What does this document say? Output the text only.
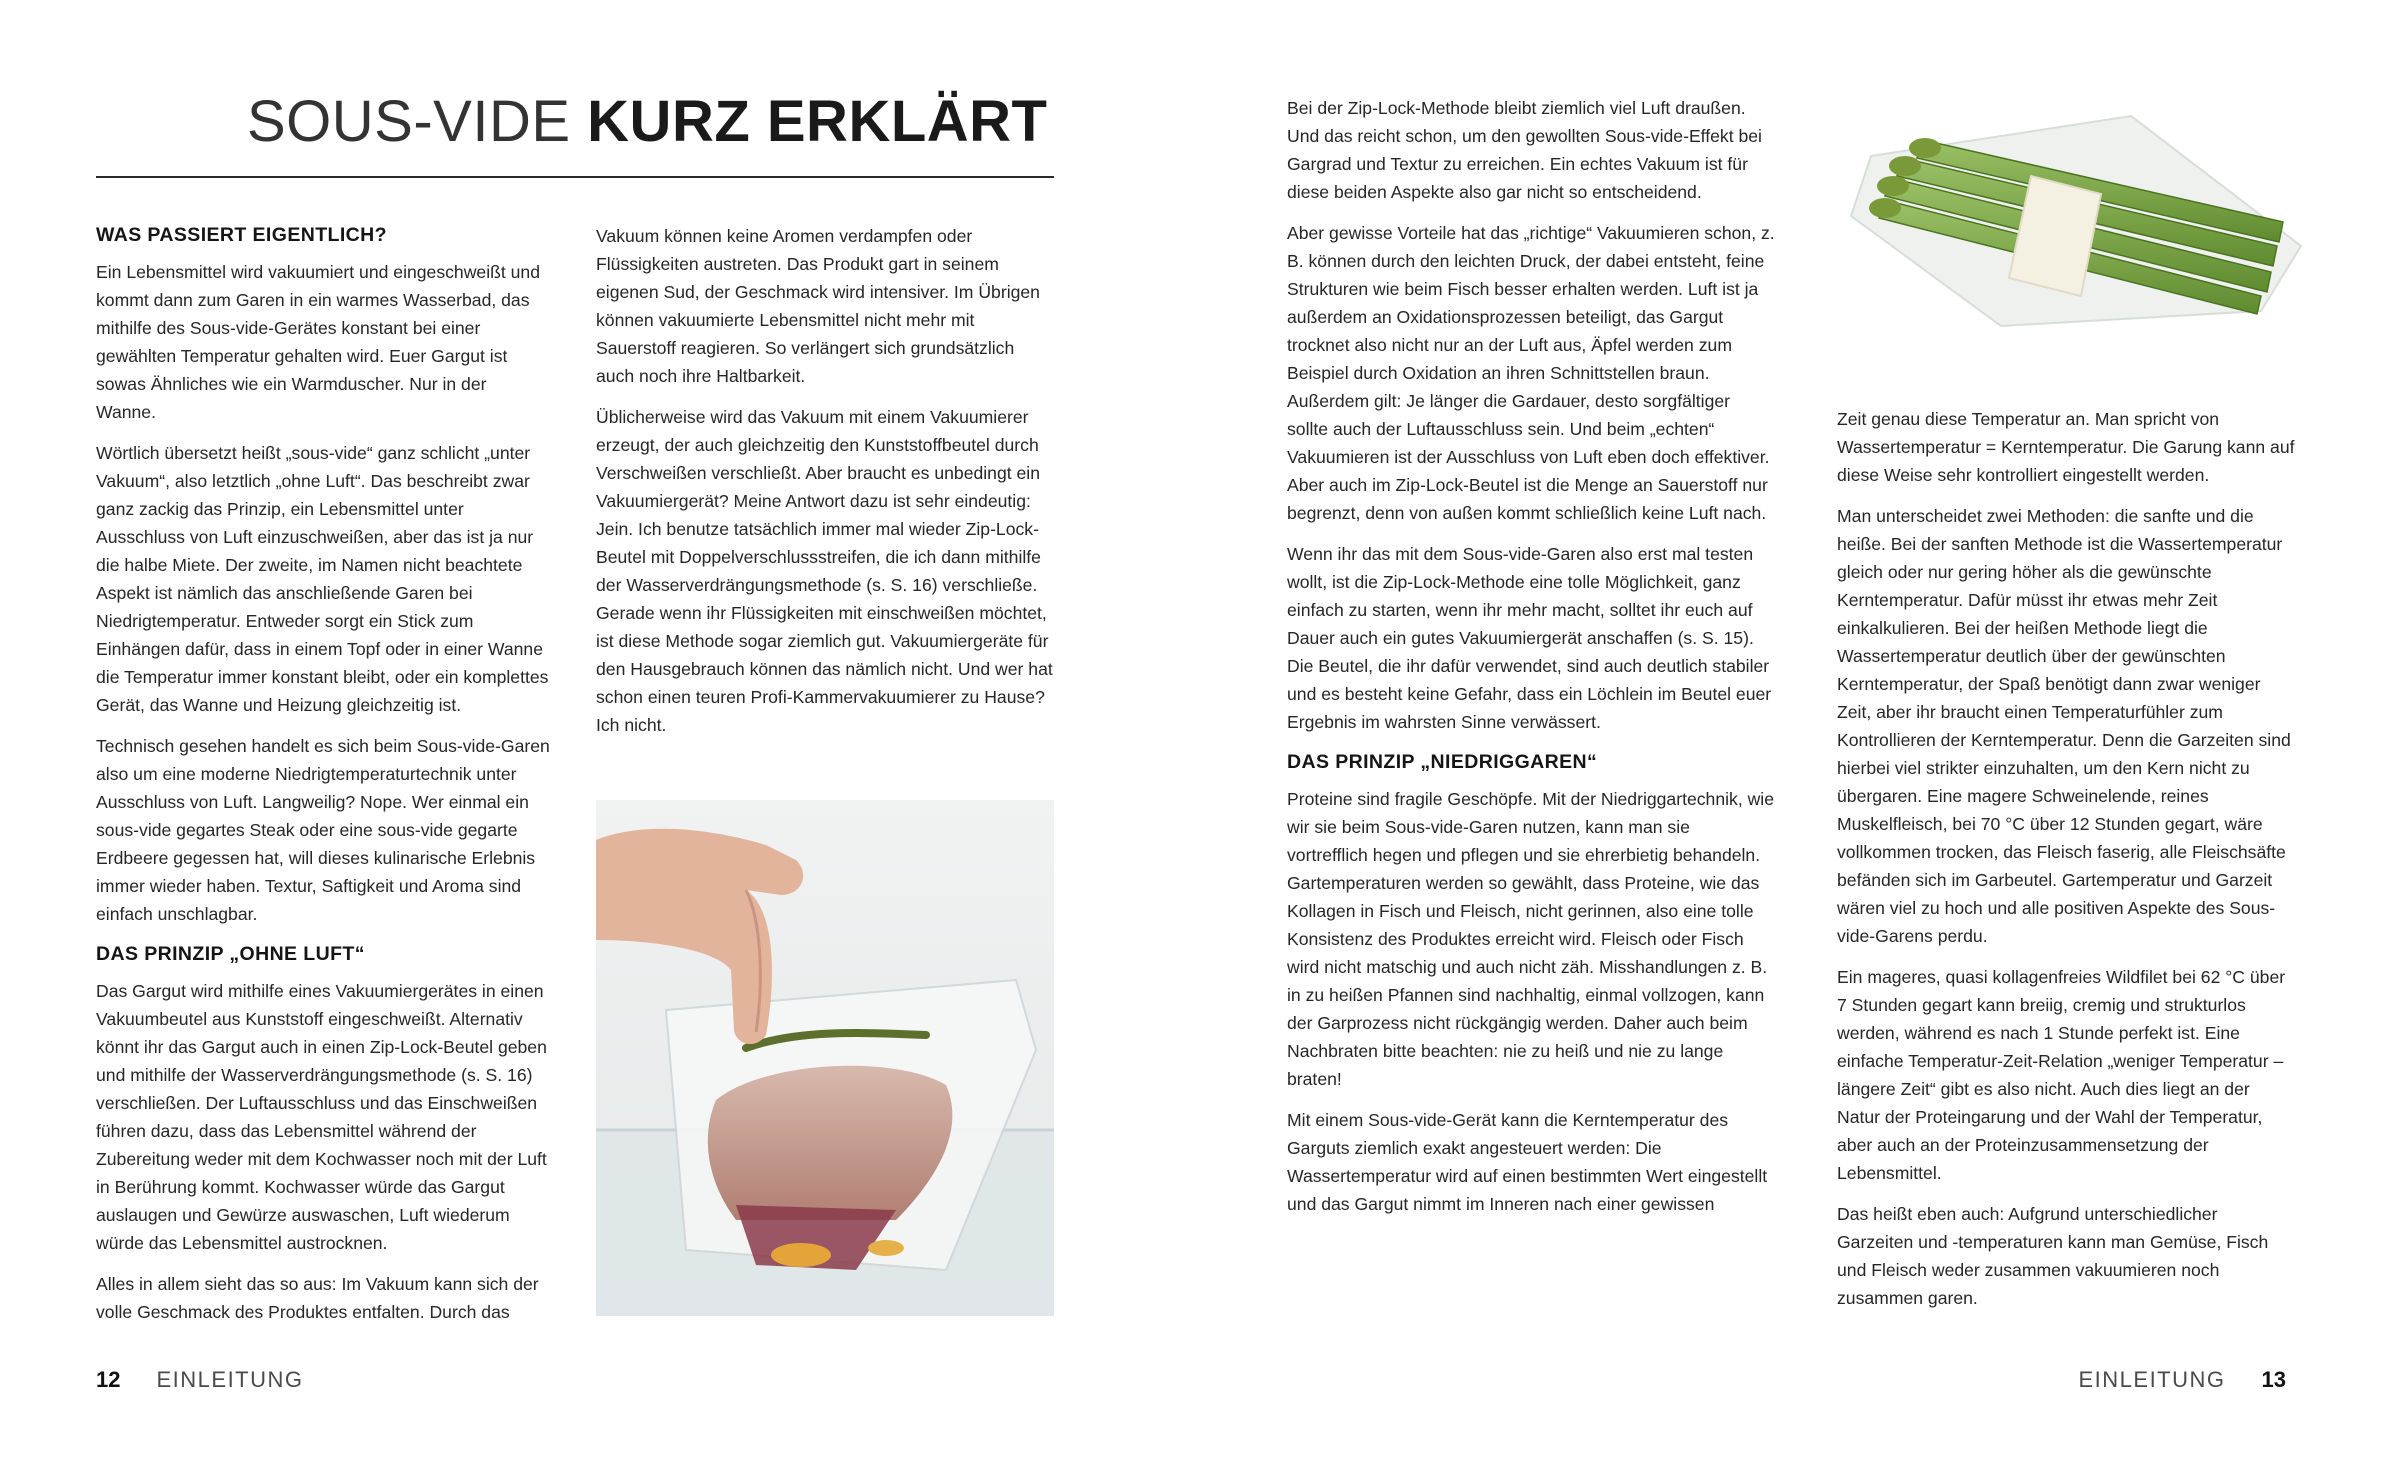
SOUS-VIDE KURZ ERKLÄRT
WAS PASSIERT EIGENTLICH?

Ein Lebensmittel wird vakuumiert und eingeschweißt und kommt dann zum Garen in ein warmes Wasserbad, das mithilfe des Sous-vide-Gerätes konstant bei einer gewählten Temperatur gehalten wird. Euer Gargut ist sowas Ähnliches wie ein Warmduscher. Nur in der Wanne.

Wörtlich übersetzt heißt „sous-vide“ ganz schlicht „unter Vakuum“, also letztlich „ohne Luft“. Das beschreibt zwar ganz zackig das Prinzip, ein Lebensmittel unter Ausschluss von Luft einzuschweißen, aber das ist ja nur die halbe Miete. Der zweite, im Namen nicht beachtete Aspekt ist nämlich das anschließende Garen bei Niedrigtemperatur. Entweder sorgt ein Stick zum Einhängen dafür, dass in einem Topf oder in einer Wanne die Temperatur immer konstant bleibt, oder ein komplettes Gerät, das Wanne und Heizung gleichzeitig ist.

Technisch gesehen handelt es sich beim Sous-vide-Garen also um eine moderne Niedrigtemperaturtechnik unter Ausschluss von Luft. Langweilig? Nope. Wer einmal ein sous-vide gegartes Steak oder eine sous-vide gegarte Erdbeere gegessen hat, will dieses kulinarische Erlebnis immer wieder haben. Textur, Saftigkeit und Aroma sind einfach unschlagbar.

DAS PRINZIP „OHNE LUFT“

Das Gargut wird mithilfe eines Vakuumiergerätes in einen Vakuumbeutel aus Kunststoff eingeschweißt. Alternativ könnt ihr das Gargut auch in einen Zip-Lock-Beutel geben und mithilfe der Wasserverdrängungsmethode (s. S. 16) verschließen. Der Luftausschluss und das Einschweißen führen dazu, dass das Lebensmittel während der Zubereitung weder mit dem Kochwasser noch mit der Luft in Berührung kommt. Kochwasser würde das Gargut auslaugen und Gewürze auswaschen, Luft wiederum würde das Lebensmittel austrocknen.

Alles in allem sieht das so aus: Im Vakuum kann sich der volle Geschmack des Produktes entfalten. Durch das

Vakuum können keine Aromen verdampfen oder Flüssigkeiten austreten. Das Produkt gart in seinem eigenen Sud, der Geschmack wird intensiver. Im Übrigen können vakuumierte Lebensmittel nicht mehr mit Sauerstoff reagieren. So verlängert sich grundsätzlich auch noch ihre Haltbarkeit.

Üblicherweise wird das Vakuum mit einem Vakuumierer erzeugt, der auch gleichzeitig den Kunststoffbeutel durch Verschweißen verschließt. Aber braucht es unbedingt ein Vakuumiergerät? Meine Antwort dazu ist sehr eindeutig: Jein. Ich benutze tatsächlich immer mal wieder Zip-Lock-Beutel mit Doppelverschlussstreifen, die ich dann mithilfe der Wasserverdrängungsmethode (s. S. 16) verschließe. Gerade wenn ihr Flüssigkeiten mit einschweißen möchtet, ist diese Methode sogar ziemlich gut. Vakuumiergeräte für den Hausgebrauch können das nämlich nicht. Und wer hat schon einen teuren Profi-Kammervakuumierer zu Hause? Ich nicht.

12 EINLEITUNG

Bei der Zip-Lock-Methode bleibt ziemlich viel Luft draußen. Und das reicht schon, um den gewollten Sous-vide-Effekt bei Gargrad und Textur zu erreichen. Ein echtes Vakuum ist für diese beiden Aspekte also gar nicht so entscheidend.

Aber gewisse Vorteile hat das „richtige“ Vakuumieren schon, z. B. können durch den leichten Druck, der dabei entsteht, feine Strukturen wie beim Fisch besser erhalten werden. Luft ist ja außerdem an Oxidationsprozessen beteiligt, das Gargut trocknet also nicht nur an der Luft aus, Äpfel werden zum Beispiel durch Oxidation an ihren Schnittstellen braun. Außerdem gilt: Je länger die Gardauer, desto sorgfältiger sollte auch der Luftausschluss sein. Und beim „echten“ Vakuumieren ist der Ausschluss von Luft eben doch effektiver. Aber auch im Zip-Lock-Beutel ist die Menge an Sauerstoff nur begrenzt, denn von außen kommt schließlich keine Luft nach.

Wenn ihr das mit dem Sous-vide-Garen also erst mal testen wollt, ist die Zip-Lock-Methode eine tolle Möglichkeit, ganz einfach zu starten, wenn ihr mehr macht, solltet ihr euch auf Dauer auch ein gutes Vakuumiergerät anschaffen (s. S. 15). Die Beutel, die ihr dafür verwendet, sind auch deutlich stabiler und es besteht keine Gefahr, dass ein Löchlein im Beutel euer Ergebnis im wahrsten Sinne verwässert.

DAS PRINZIP „NIEDRIGGAREN“

Proteine sind fragile Geschöpfe. Mit der Niedriggartechnik, wie wir sie beim Sous-vide-Garen nutzen, kann man sie vortrefflich hegen und pflegen und sie ehrerbietig behandeln. Gartemperaturen werden so gewählt, dass Proteine, wie das Kollagen in Fisch und Fleisch, nicht gerinnen, also eine tolle Konsistenz des Produktes erreicht wird. Fleisch oder Fisch wird nicht matschig und auch nicht zäh. Misshandlungen z. B. in zu heißen Pfannen sind nachhaltig, einmal vollzogen, kann der Garprozess nicht rückgängig werden. Daher auch beim Nachbraten bitte beachten: nie zu heiß und nie zu lange braten!

Mit einem Sous-vide-Gerät kann die Kerntemperatur des Garguts ziemlich exakt angesteuert werden: Die Wassertemperatur wird auf einen bestimmten Wert eingestellt und das Gargut nimmt im Inneren nach einer gewissen

Zeit genau diese Temperatur an. Man spricht von Wassertemperatur = Kerntemperatur. Die Garung kann auf diese Weise sehr kontrolliert eingestellt werden.

Man unterscheidet zwei Methoden: die sanfte und die heiße. Bei der sanften Methode ist die Wassertemperatur gleich oder nur gering höher als die gewünschte Kerntemperatur. Dafür müsst ihr etwas mehr Zeit einkalkulieren. Bei der heißen Methode liegt die Wassertemperatur deutlich über der gewünschten Kerntemperatur, der Spaß benötigt dann zwar weniger Zeit, aber ihr braucht einen Temperaturfühler zum Kontrollieren der Kerntemperatur. Denn die Garzeiten sind hierbei viel strikter einzuhalten, um den Kern nicht zu übergaren. Eine magere Schweinelende, reines Muskelfleisch, bei 70 °C über 12 Stunden gegart, wäre vollkommen trocken, das Fleisch faserig, alle Fleischsäfte befänden sich im Garbeutel. Gartemperatur und Garzeit wären viel zu hoch und alle positiven Aspekte des Sous-vide-Garens perdu.

Ein mageres, quasi kollagenfreies Wildfilet bei 62 °C über 7 Stunden gegart kann breiig, cremig und strukturlos werden, während es nach 1 Stunde perfekt ist. Eine einfache Temperatur-Zeit-Relation „weniger Temperatur – längere Zeit“ gibt es also nicht. Auch dies liegt an der Natur der Proteingarung und der Wahl der Temperatur, aber auch an der Proteinzusammensetzung der Lebensmittel.

Das heißt eben auch: Aufgrund unterschiedlicher Garzeiten und -temperaturen kann man Gemüse, Fisch und Fleisch weder zusammen vakuumieren noch zusammen garen.

EINLEITUNG 13
